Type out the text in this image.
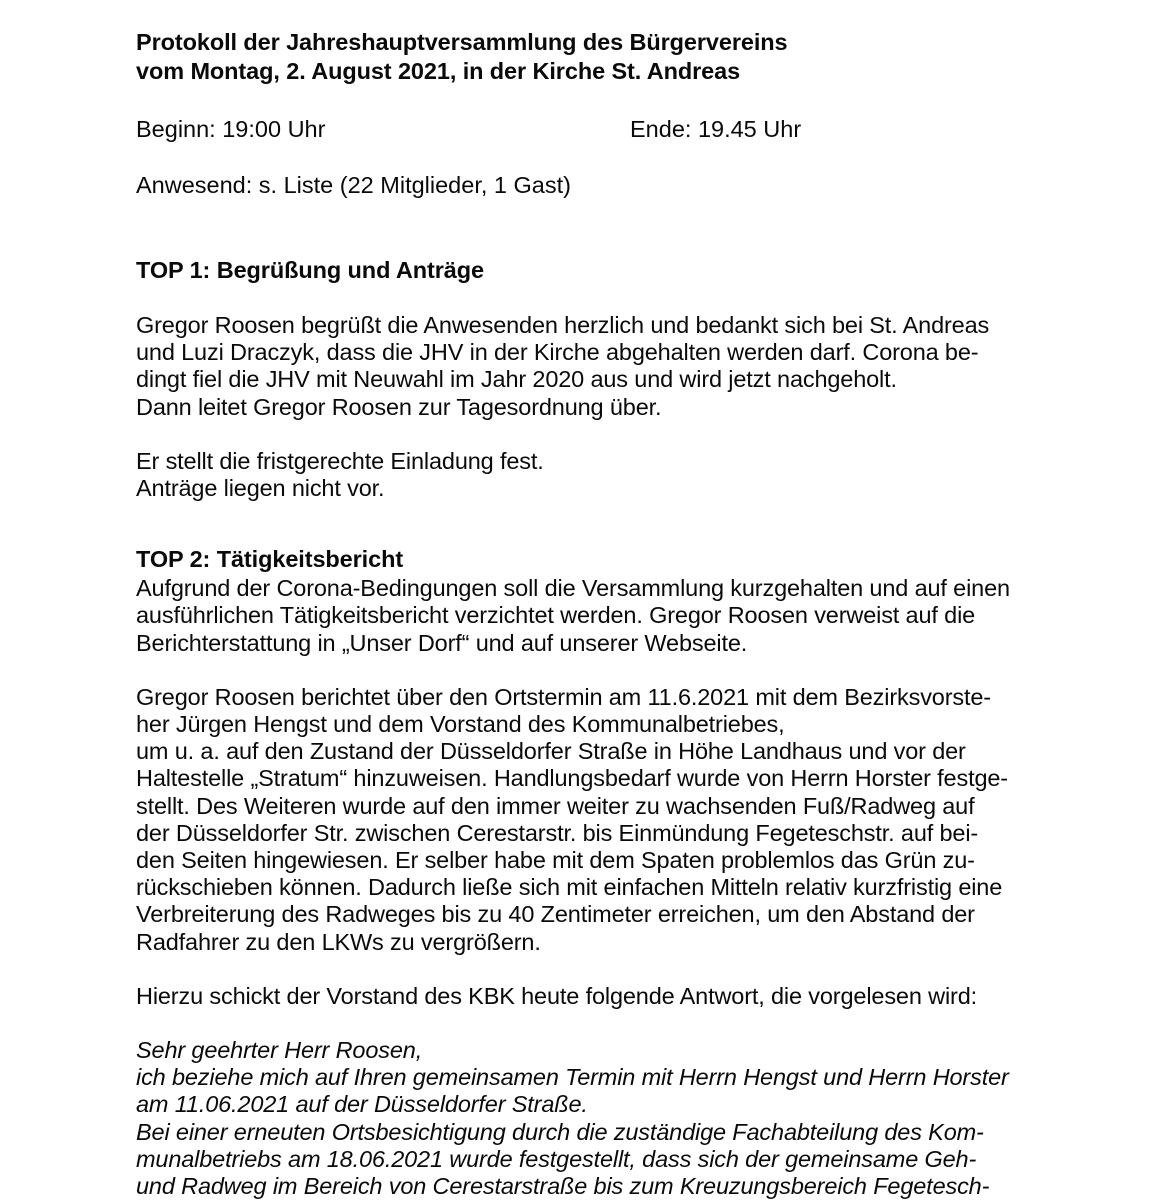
Protokoll der Jahreshauptversammlung des Bürgervereins
vom Montag, 2. August 2021, in der Kirche St. Andreas
Beginn: 19:00 Uhr	Ende: 19.45 Uhr
Anwesend: s. Liste (22 Mitglieder, 1 Gast)
TOP 1: Begrüßung und Anträge
Gregor Roosen begrüßt die Anwesenden herzlich und bedankt sich bei St. Andreas
und Luzi Draczyk, dass die JHV in der Kirche abgehalten werden darf. Corona be-
dingt fiel die JHV mit Neuwahl im Jahr 2020 aus und wird jetzt nachgeholt.
Dann leitet Gregor Roosen zur Tagesordnung über.
Er stellt die fristgerechte Einladung fest.
Anträge liegen nicht vor.
TOP 2: Tätigkeitsbericht
Aufgrund der Corona-Bedingungen soll die Versammlung kurzgehalten und auf einen
ausführlichen Tätigkeitsbericht verzichtet werden. Gregor Roosen verweist auf die
Berichterstattung in „Unser Dorf“ und auf unserer Webseite.
Gregor Roosen berichtet über den Ortstermin am 11.6.2021 mit dem Bezirksvorste-
her Jürgen Hengst und dem Vorstand des Kommunalbetriebes,
um u. a. auf den Zustand der Düsseldorfer Straße in Höhe Landhaus und vor der
Haltestelle „Stratum“ hinzuweisen. Handlungsbedarf wurde von Herrn Horster festge-
stellt. Des Weiteren wurde auf den immer weiter zu wachsenden Fuß/Radweg auf
der Düsseldorfer Str. zwischen Cerestarstr. bis Einmündung Fegeteschstr. auf bei-
den Seiten hingewiesen. Er selber habe mit dem Spaten problemlos das Grün zu-
rückschieben können. Dadurch ließe sich mit einfachen Mitteln relativ kurzfristig eine
Verbreiterung des Radweges bis zu 40 Zentimeter erreichen, um den Abstand der
Radfahrer zu den LKWs zu vergrößern.
Hierzu schickt der Vorstand des KBK heute folgende Antwort, die vorgelesen wird:
Sehr geehrter Herr Roosen,
ich beziehe mich auf Ihren gemeinsamen Termin mit Herrn Hengst und Herrn Horster
am 11.06.2021 auf der Düsseldorfer Straße.
Bei einer erneuten Ortsbesichtigung durch die zuständige Fachabteilung des Kom-
munalbetriebs am 18.06.2021 wurde festgestellt, dass sich der gemeinsame Geh-
und Radweg im Bereich von Cerestarstraße bis zum Kreuzungsbereich Fegetesch-
